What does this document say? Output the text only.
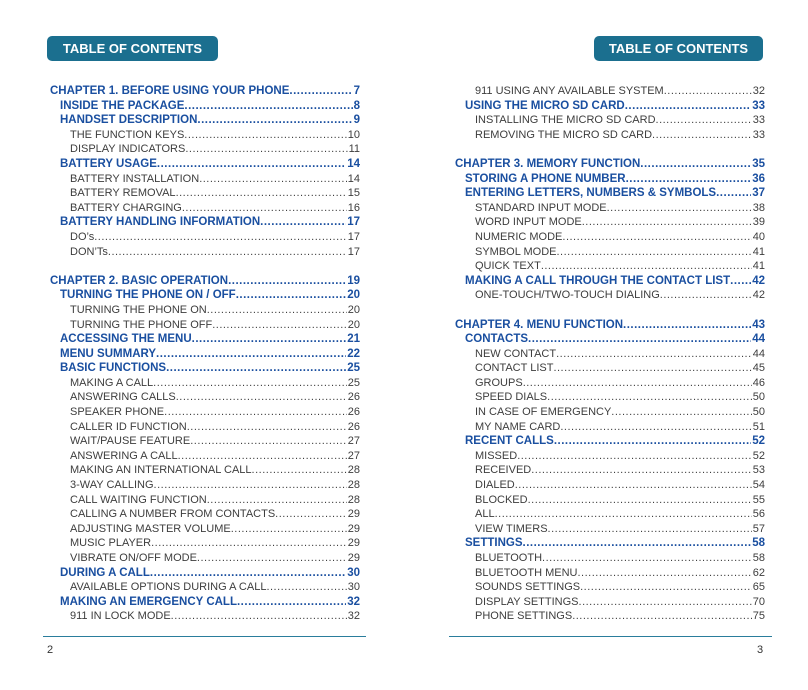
TABLE OF CONTENTS	TABLE OF CONTENTS
CHAPTER 1. BEFORE USING YOUR PHONE .....	7
INSIDE THE PACKAGE .....	8
HANDSET DESCRIPTION .....	9
THE FUNCTION KEYS .....	10
DISPLAY INDICATORS .....	11
BATTERY USAGE .....	14
BATTERY INSTALLATION .....	14
BATTERY REMOVAL .....	15
BATTERY CHARGING .....	16
BATTERY HANDLING INFORMATION .....	17
DO’s .....	17
DON’Ts .....	17
CHAPTER 2. BASIC OPERATION .....	19
TURNING THE PHONE ON / OFF .....	20
TURNING THE PHONE ON .....	20
TURNING THE PHONE OFF .....	20
ACCESSING THE MENU .....	21
MENU SUMMARY .....	22
BASIC FUNCTIONS .....	25
MAKING A CALL .....	25
ANSWERING CALLS .....	26
SPEAKER PHONE .....	26
CALLER ID FUNCTION .....	26
WAIT/PAUSE FEATURE .....	27
ANSWERING A CALL .....	27
MAKING AN INTERNATIONAL CALL .....	28
3-WAY CALLING .....	28
CALL WAITING FUNCTION .....	28
CALLING A NUMBER FROM CONTACTS .....	29
ADJUSTING MASTER VOLUME .....	29
MUSIC PLAYER .....	29
VIBRATE ON/OFF MODE .....	29
DURING A CALL .....	30
AVAILABLE OPTIONS DURING A CALL .....	30
MAKING AN EMERGENCY CALL .....	32
911 IN LOCK MODE .....	32
911 USING ANY AVAILABLE SYSTEM .....	32
USING THE MICRO SD CARD .....	33
INSTALLING THE MICRO SD CARD .....	33
REMOVING THE MICRO SD CARD .....	33
CHAPTER 3. MEMORY FUNCTION .....	35
STORING A PHONE NUMBER .....	36
ENTERING LETTERS, NUMBERS & SYMBOLS .....	37
STANDARD INPUT MODE .....	38
WORD INPUT MODE .....	39
NUMERIC MODE .....	40
SYMBOL MODE .....	41
QUICK TEXT .....	41
MAKING A CALL THROUGH THE CONTACT LIST ..... 42
ONE-TOUCH/TWO-TOUCH DIALING .....	42
CHAPTER 4. MENU FUNCTION .....	43
CONTACTS .....	44
NEW CONTACT .....	44
CONTACT LIST .....	45
GROUPS .....	46
SPEED DIALS .....	50
IN CASE OF EMERGENCY .....	50
MY NAME CARD .....	51
RECENT CALLS .....	52
MISSED .....	52
RECEIVED .....	53
DIALED .....	54
BLOCKED .....	55
ALL .....	56
VIEW TIMERS .....	57
SETTINGS .....	58
BLUETOOTH .....	58
BLUETOOTH MENU .....	62
SOUNDS SETTINGS .....	65
DISPLAY SETTINGS .....	70
PHONE SETTINGS .....	75
2	3
